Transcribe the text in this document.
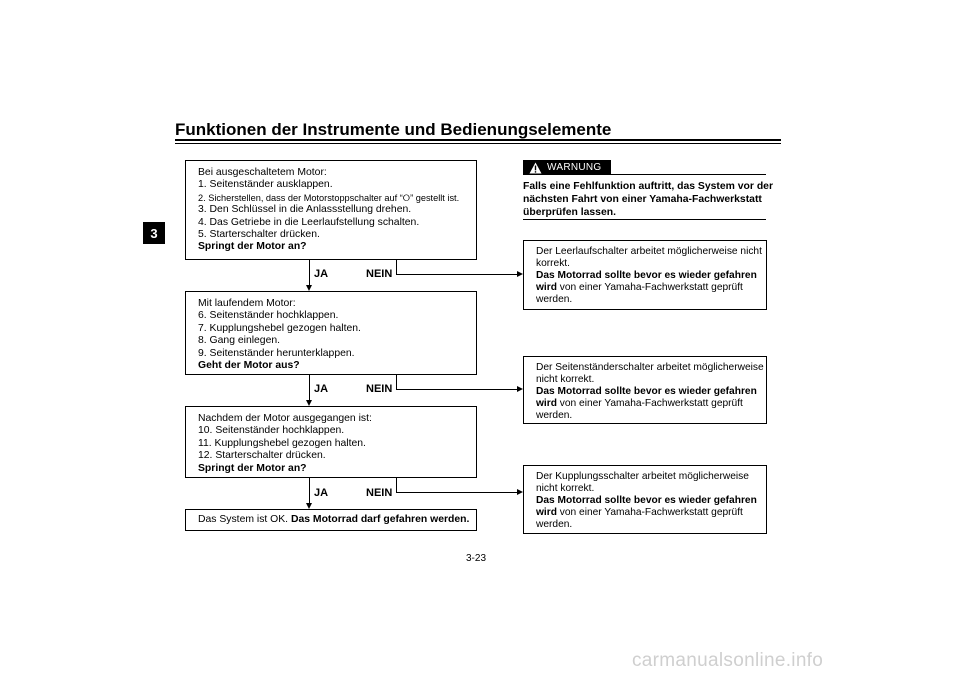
Funktionen der Instrumente und Bedienungselemente
3
Bei ausgeschaltetem Motor:
1. Seitenständer ausklappen.
2. Sicherstellen, dass der Motorstoppschalter auf “⭘” gestellt ist.
3. Den Schlüssel in die Anlassstellung drehen.
4. Das Getriebe in die Leerlaufstellung schalten.
5. Starterschalter drücken.
Springt der Motor an?
JA	NEIN
Mit laufendem Motor:
6. Seitenständer hochklappen.
7. Kupplungshebel gezogen halten.
8. Gang einlegen.
9. Seitenständer herunterklappen.
Geht der Motor aus?
JA	NEIN
Nachdem der Motor ausgegangen ist:
10. Seitenständer hochklappen.
11. Kupplungshebel gezogen halten.
12. Starterschalter drücken.
Springt der Motor an?
JA	NEIN
Das System ist OK. Das Motorrad darf gefahren werden.
WARNUNG
Falls eine Fehlfunktion auftritt, das System vor der
nächsten Fahrt von einer Yamaha-Fachwerkstatt
überprüfen lassen.
Der Leerlaufschalter arbeitet möglicherweise nicht
korrekt.
Das Motorrad sollte bevor es wieder gefahren
wird von einer Yamaha-Fachwerkstatt geprüft
werden.
Der Seitenständerschalter arbeitet möglicherweise
nicht korrekt.
Das Motorrad sollte bevor es wieder gefahren
wird von einer Yamaha-Fachwerkstatt geprüft
werden.
Der Kupplungsschalter arbeitet möglicherweise
nicht korrekt.
Das Motorrad sollte bevor es wieder gefahren
wird von einer Yamaha-Fachwerkstatt geprüft
werden.
3-23
carmanualsonline.info
